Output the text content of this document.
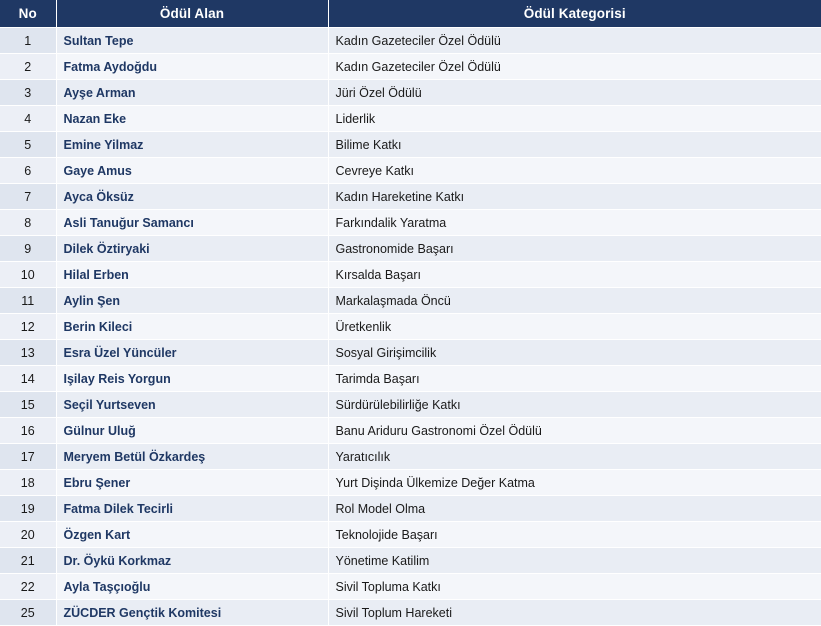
No	Ödül Alan	Ödül Kategorisi
1	Sultan Tepe	Kadın Gazeteciler Özel Ödülü
2	Fatma Aydoğdu	Kadın Gazeteciler Özel Ödülü
3	Ayşe Arman	Jüri Özel Ödülü
4	Nazan Eke	Liderlik
5	Emine Yilmaz	Bilime Katkı
6	Gaye Amus	Cevreye Katkı
7	Ayca Öksüz	Kadın Hareketine Katkı
8	Asli Tanuğur Samancı	Farkındalik Yaratma
9	Dilek Öztiryaki	Gastronomide Başarı
10	Hilal Erben	Kırsalda Başarı
11	Aylin Şen	Markalaşmada Öncü
12	Berin Kileci	Üretkenlik
13	Esra Üzel Yüncüler	Sosyal Girişimcilik
14	Işilay Reis Yorgun	Tarimda Başarı
15	Seçil Yurtseven	Sürdürülebilirliğe Katkı
16	Gülnur Uluğ	Banu Ariduru Gastronomi Özel Ödülü
17	Meryem Betül Özkardeş	Yaratıcılık
18	Ebru Şener	Yurt Dişinda Ülkemize Değer Katma
19	Fatma Dilek Tecirli	Rol Model Olma
20	Özgen Kart	Teknolojide Başarı
21	Dr. Öykü Korkmaz	Yönetime Katilim
22	Ayla Taşçıoğlu	Sivil Topluma Katkı
25	ZÜCDER Gençtik Komitesi	Sivil Toplum Hareketi
